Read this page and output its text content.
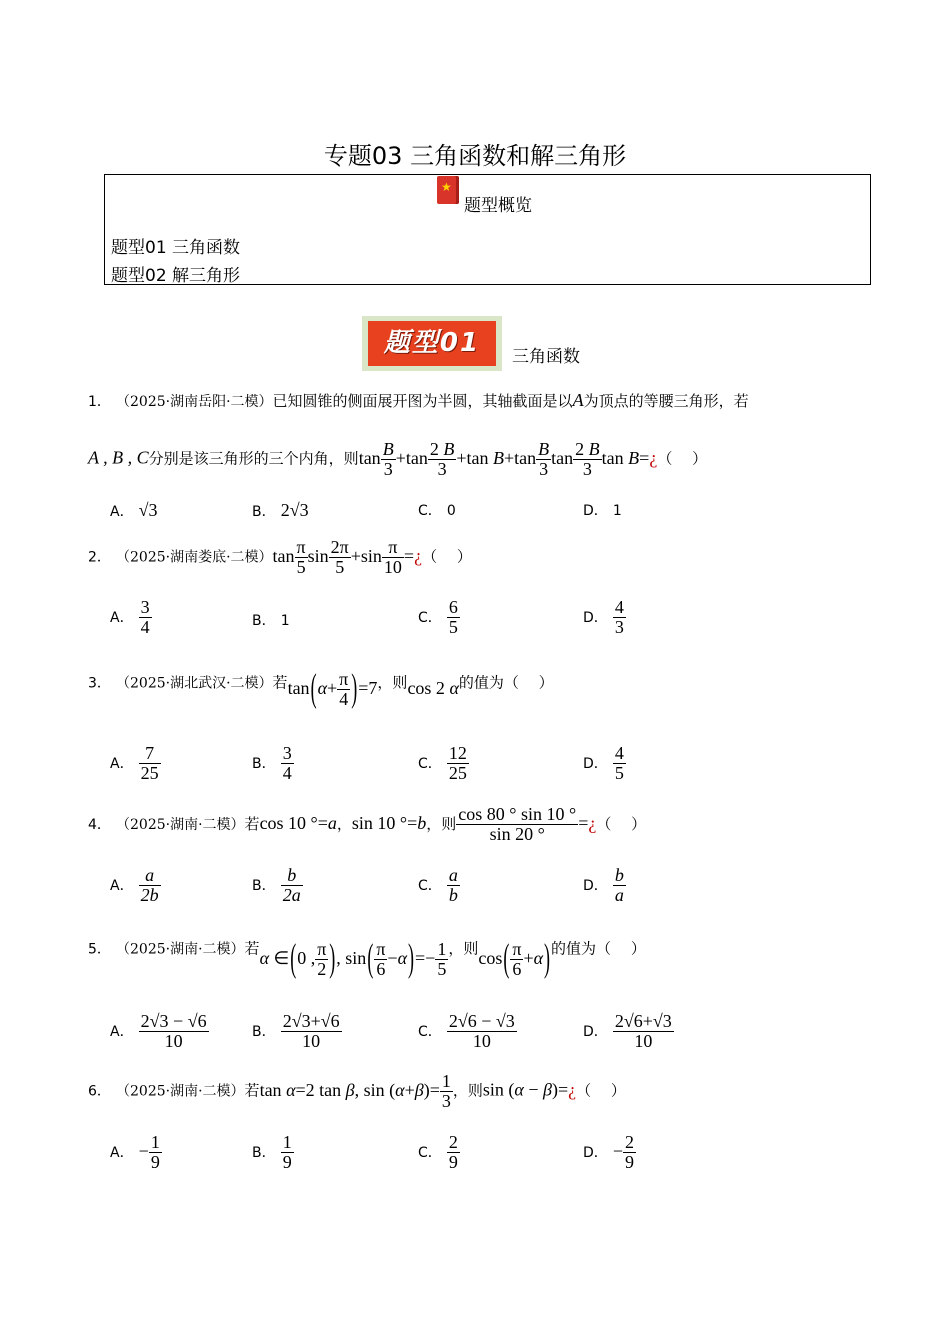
专题03 三角函数和解三角形
★
题型概览
题型01 三角函数
题型02 解三角形
题型01	三角函数
1． （2025·湖南岳阳·二模）已知圆锥的侧面展开图为半圆，其轴截面是以A为顶点的等腰三角形，若
A , B , C分别是该三角形的三个内角，则$\tan \frac{B}{3} +\tan \frac{2 B}{3} +\tan$ $B+\tan \frac{B}{3}$ $\tan \frac{2 B}{3}$ tan B=¿（　 ）
A． √3	B． 2√3	C． 0	D． 1
2． （2025·湖南娄底·二模）$\tan \frac{\pi}{5}$ $\sin \frac{2\pi}{5} +\sin \frac{\pi}{10}$ =¿（　 ）
A． $\frac{3}{4}$	B． 1	C． $\frac{6}{5}$	D． $\frac{4}{3}$
3． （2025·湖北武汉·二模）若$\tan(\alpha+ \frac{\pi}{4} )=7$，则cos 2 α的值为（　 ）
A． $\frac{7}{25}$	B． $\frac{3}{4}$	C． $\frac{12}{25}$	D． $\frac{4}{5}$
4． （2025·湖南·二模）若cos 10 °=a，sin 10 °=b，则 $\frac{\cos 80 ^\circ \sin 10 ^\circ}{\sin 20 ^\circ}$ =¿（　 ）
A． $\frac{a}{2b}$	B． $\frac{b}{2a}$	C． $\frac{a}{b}$	D． $\frac{b}{a}$
5． （2025·湖南·二模）若α ∈(0 , $\frac{\pi}{2}$ ), $\sin( \frac{\pi}{6} -\alpha)=- \frac{1}{5}$ ，则$\cos( \frac{\pi}{6} +\alpha)$的值为（　 ）
A． $\frac{2√3 - √6}{10}$	B． $\frac{2√3+√6}{10}$	C． $\frac{2√6 - √3}{10}$	D． $\frac{2√6+√3}{10}$
6． （2025·湖南·二模）若tan α=2 tan β, $\sin (\alpha+\beta)= \frac{1}{3}$ ，则sin (α − β)=¿（　 ）
A． − $\frac{1}{9}$	B． $\frac{1}{9}$	C． $\frac{2}{9}$	D． − $\frac{2}{9}$
